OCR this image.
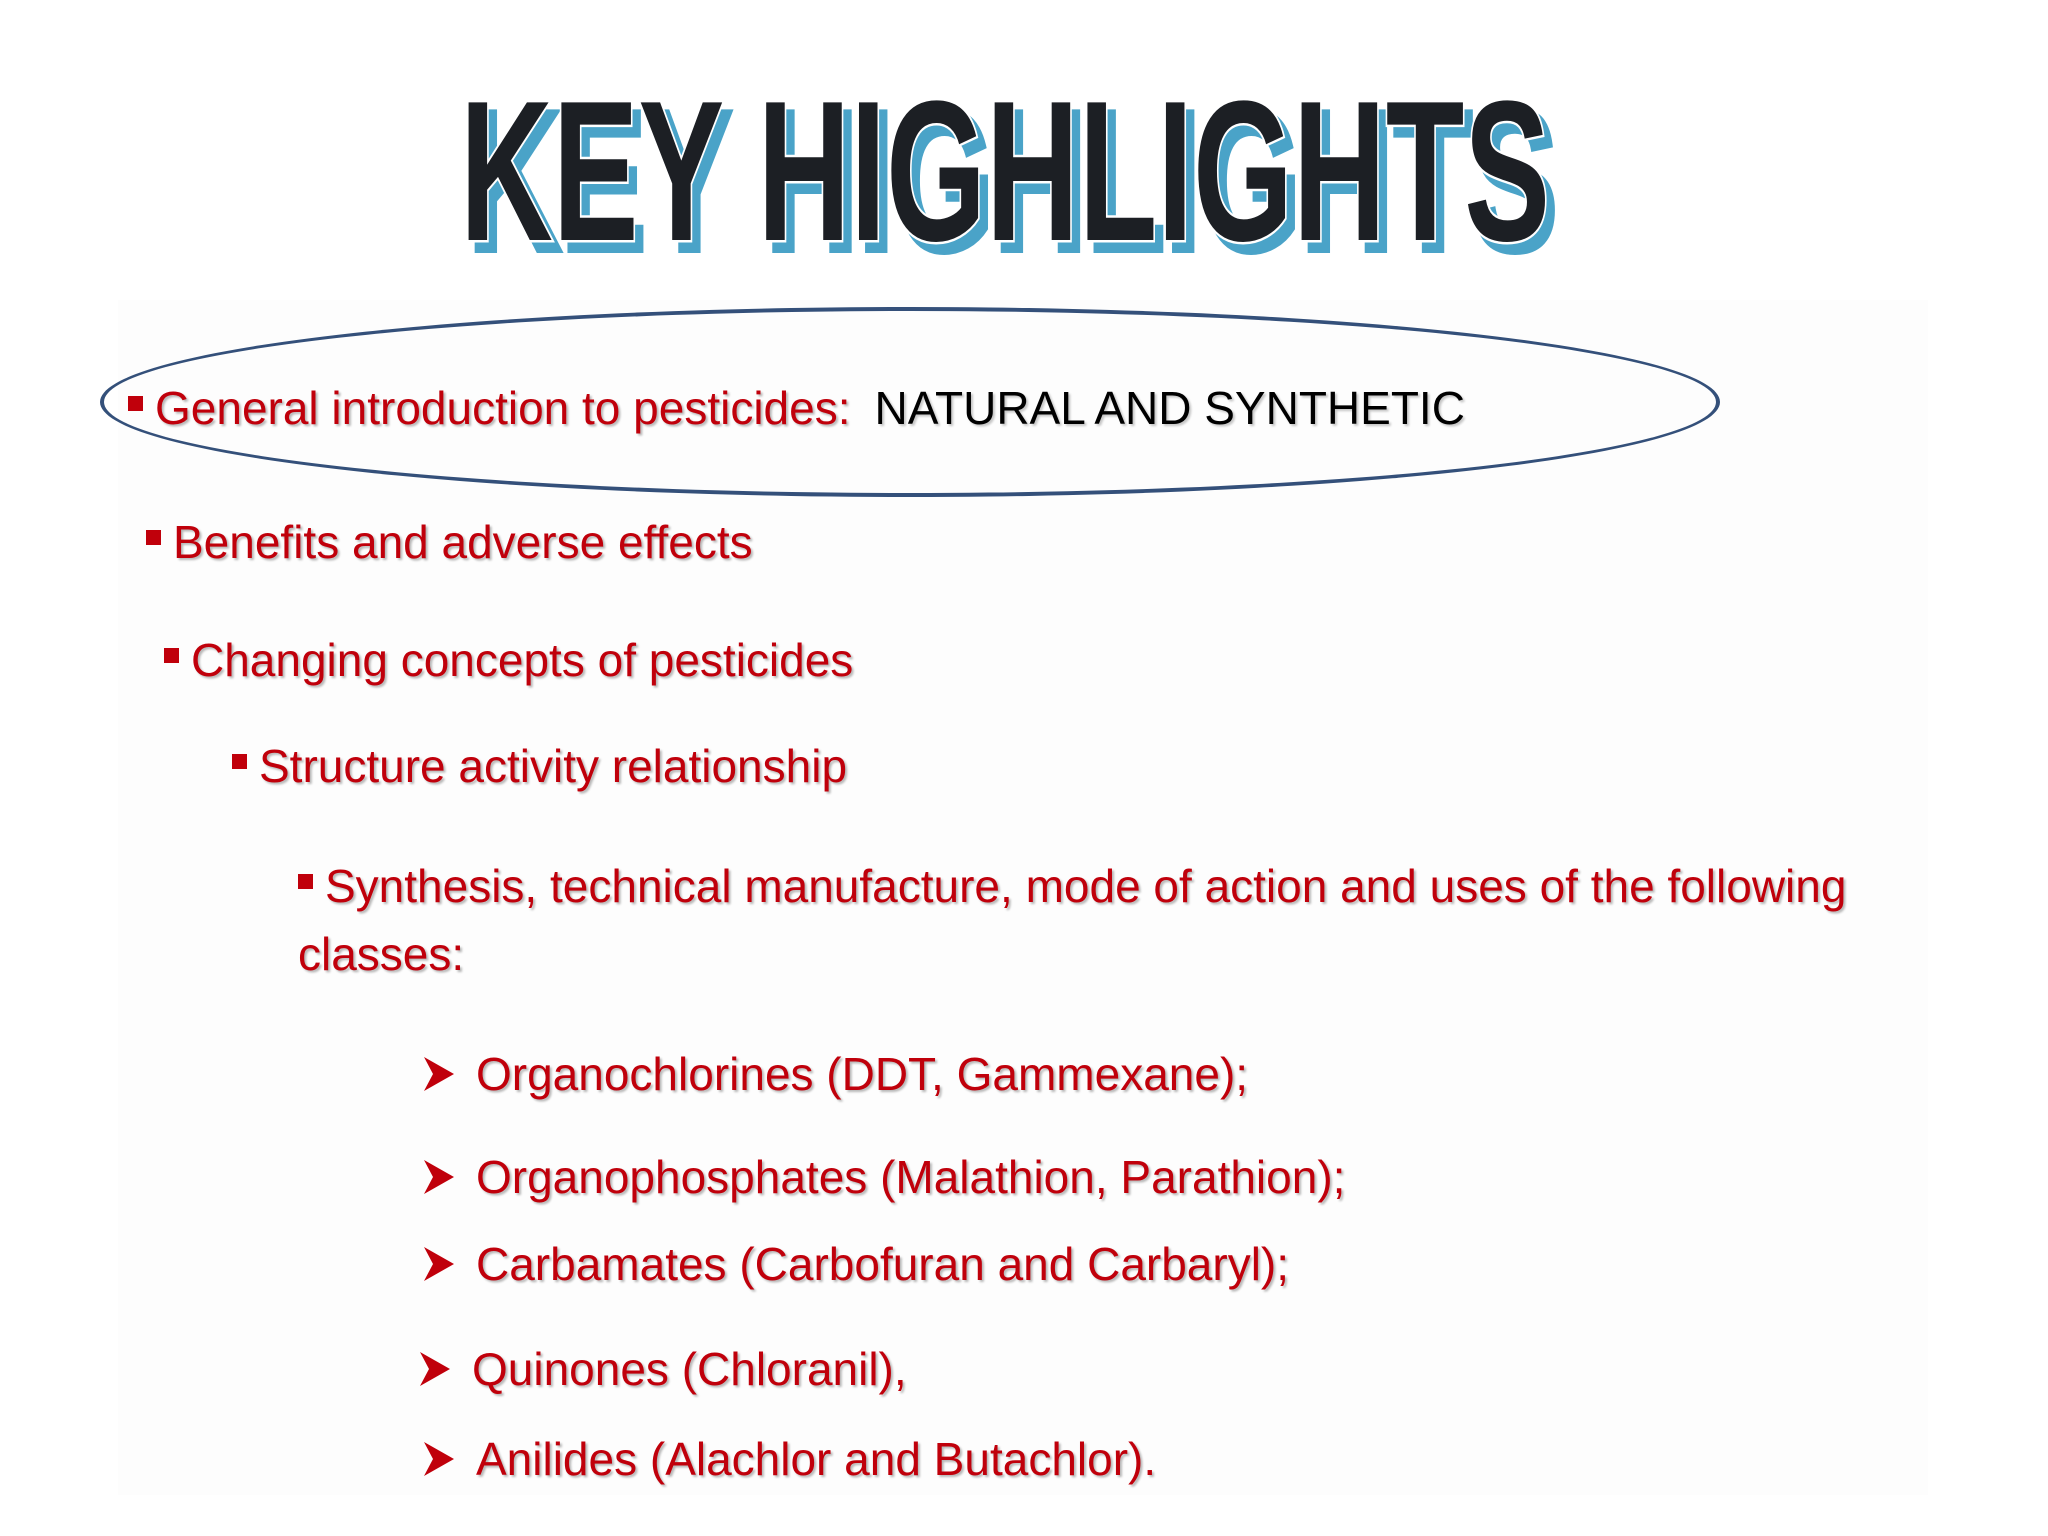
KEY HIGHLIGHTS
KEY HIGHLIGHTS
General introduction to pesticides: NATURAL AND SYNTHETIC
Benefits and adverse effects
Changing concepts of pesticides
Structure activity relationship
Synthesis, technical manufacture, mode of action and uses of the following classes:
Organochlorines (DDT, Gammexane);
Organophosphates (Malathion, Parathion);
Carbamates (Carbofuran and Carbaryl);
Quinones (Chloranil),
Anilides (Alachlor and Butachlor).
